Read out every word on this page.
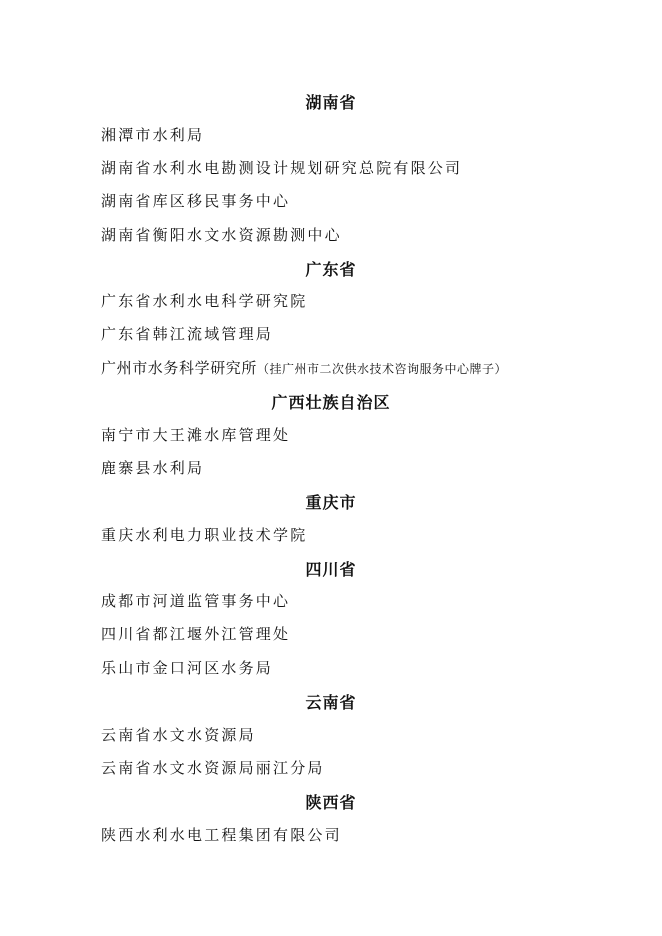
湖南省
湘潭市水利局
湖南省水利水电勘测设计规划研究总院有限公司
湖南省库区移民事务中心
湖南省衡阳水文水资源勘测中心
广东省
广东省水利水电科学研究院
广东省韩江流域管理局
广州市水务科学研究所（挂广州市二次供水技术咨询服务中心牌子）
广西壮族自治区
南宁市大王滩水库管理处
鹿寨县水利局
重庆市
重庆水利电力职业技术学院
四川省
成都市河道监管事务中心
四川省都江堰外江管理处
乐山市金口河区水务局
云南省
云南省水文水资源局
云南省水文水资源局丽江分局
陕西省
陕西水利水电工程集团有限公司
